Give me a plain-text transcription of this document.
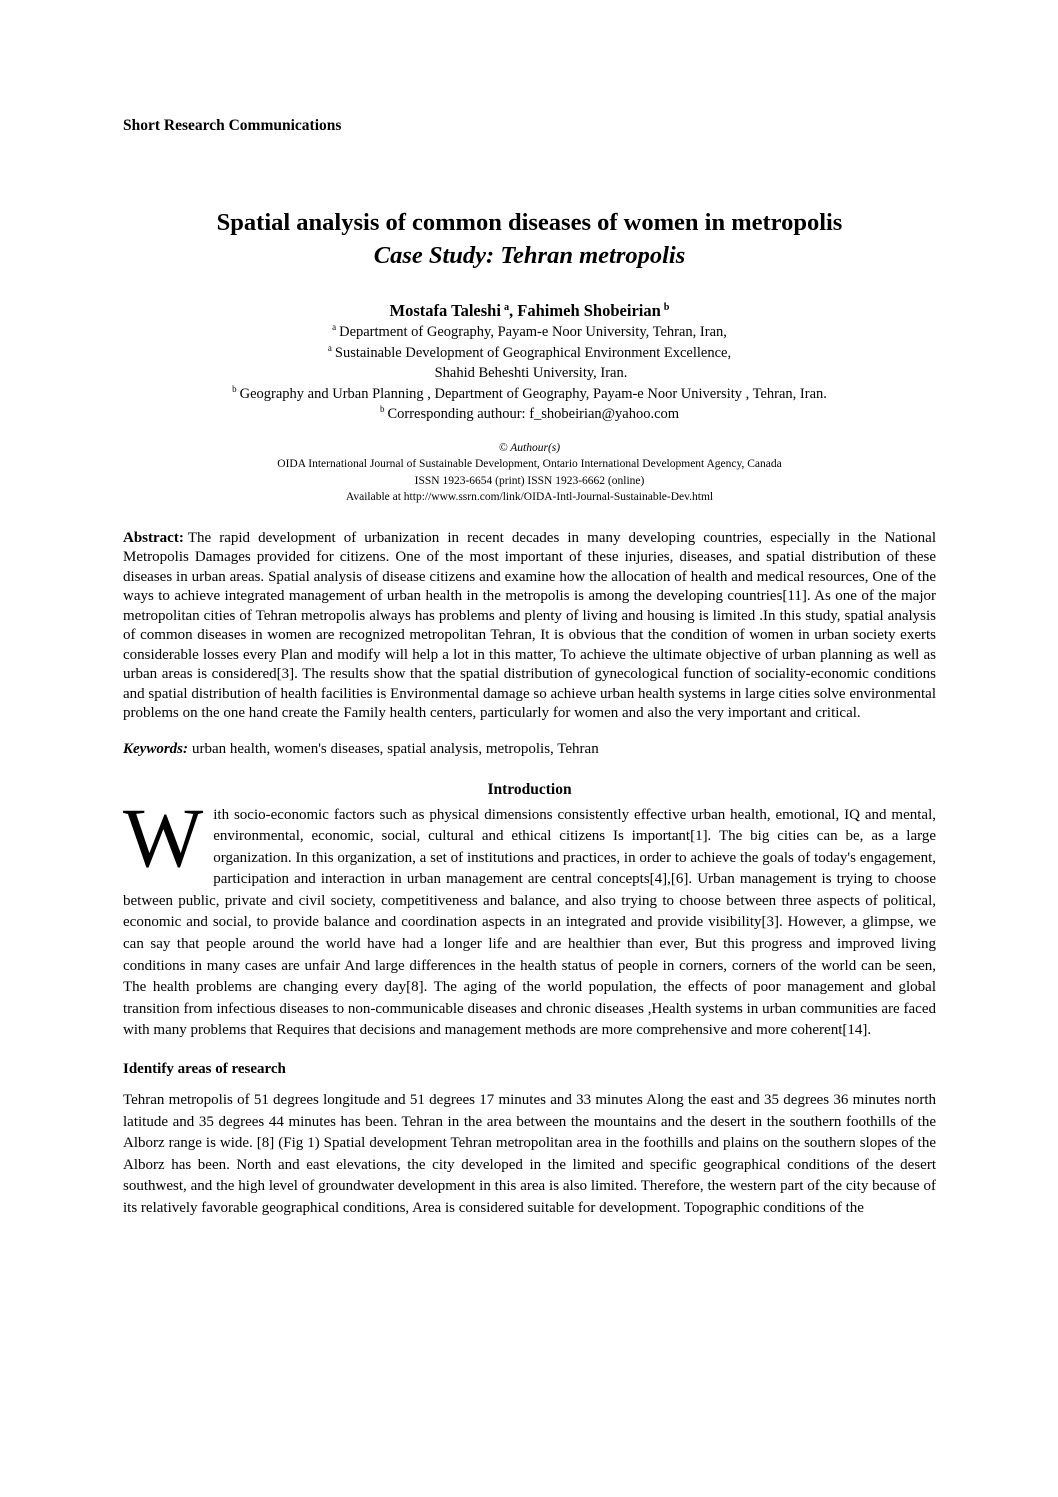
Short Research Communications
Spatial analysis of common diseases of women in metropolis
Case Study: Tehran metropolis
Mostafa Taleshi $^a$, Fahimeh Shobeirian $^b$
$^a$ Department of Geography, Payam-e Noor University, Tehran, Iran,
$^a$ Sustainable Development of Geographical Environment Excellence,
Shahid Beheshti University, Iran.
$^b$ Geography and Urban Planning , Department of Geography, Payam-e Noor University , Tehran, Iran.
$^b$ Corresponding authour: f_shobeirian@yahoo.com
© Authour(s)
OIDA International Journal of Sustainable Development, Ontario International Development Agency, Canada
ISSN 1923-6654 (print) ISSN 1923-6662 (online)
Available at http://www.ssrn.com/link/OIDA-Intl-Journal-Sustainable-Dev.html

Abstract: The rapid development of urbanization in recent decades in many developing countries, especially in the National Metropolis Damages provided for citizens. One of the most important of these injuries, diseases, and spatial distribution of these diseases in urban areas. Spatial analysis of disease citizens and examine how the allocation of health and medical resources, One of the ways to achieve integrated management of urban health in the metropolis is among the developing countries[11]. As one of the major metropolitan cities of Tehran metropolis always has problems and plenty of living and housing is limited .In this study, spatial analysis of common diseases in women are recognized metropolitan Tehran, It is obvious that the condition of women in urban society exerts considerable losses every Plan and modify will help a lot in this matter, To achieve the ultimate objective of urban planning as well as urban areas is considered[3]. The results show that the spatial distribution of gynecological function of sociality-economic conditions and spatial distribution of health facilities is Environmental damage so achieve urban health systems in large cities solve environmental problems on the one hand create the Family health centers, particularly for women and also the very important and critical.

Keywords: urban health, women's diseases, spatial analysis, metropolis, Tehran

Introduction

With socio-economic factors such as physical dimensions consistently effective urban health, emotional, IQ and mental, environmental, economic, social, cultural and ethical citizens Is important[1]. The big cities can be, as a large organization. In this organization, a set of institutions and practices, in order to achieve the goals of today's engagement, participation and interaction in urban management are central concepts[4],[6]. Urban management is trying to choose between public, private and civil society, competitiveness and balance, and also trying to choose between three aspects of political, economic and social, to provide balance and coordination aspects in an integrated and provide visibility[3]. However, a glimpse, we can say that people around the world have had a longer life and are healthier than ever, But this progress and improved living conditions in many cases are unfair And large differences in the health status of people in corners, corners of the world can be seen, The health problems are changing every day[8]. The aging of the world population, the effects of poor management and global transition from infectious diseases to non-communicable diseases and chronic diseases ,Health systems in urban communities are faced with many problems that Requires that decisions and management methods are more comprehensive and more coherent[14].

Identify areas of research

Tehran metropolis of 51 degrees longitude and 51 degrees 17 minutes and 33 minutes Along the east and 35 degrees 36 minutes north latitude and 35 degrees 44 minutes has been. Tehran in the area between the mountains and the desert in the southern foothills of the Alborz range is wide. [8] (Fig 1) Spatial development Tehran metropolitan area in the foothills and plains on the southern slopes of the Alborz has been. North and east elevations, the city developed in the limited and specific geographical conditions of the desert southwest, and the high level of groundwater development in this area is also limited. Therefore, the western part of the city because of its relatively favorable geographical conditions, Area is considered suitable for development. Topographic conditions of the
